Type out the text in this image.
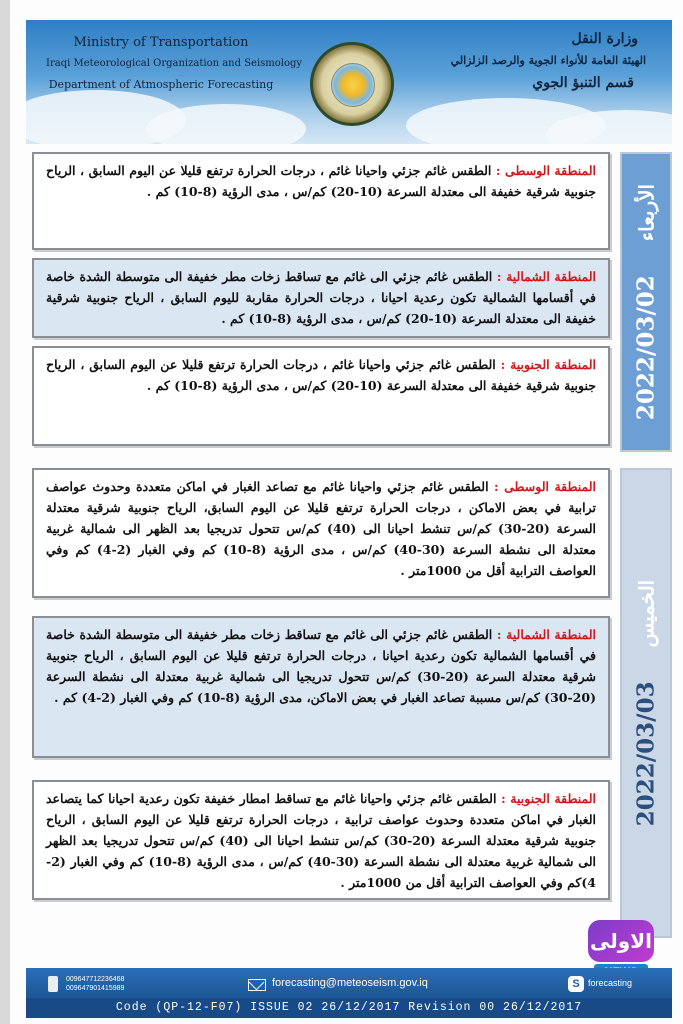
Ministry of Transportation
Iraqi Meteorological Organization and Seismology
Department of Atmospheric Forecasting
وزارة النقل
الهيئة العامة للأنواء الجوية والرصد الزلزالي
قسم التنبؤ الجوي
2022/03/02
الأربعاء
2022/03/03
الخميس
المنطقة الوسطى : الطقس غائم جزئي واحيانا غائم ، درجات الحرارة ترتفع قليلا عن اليوم السابق ، الرياح جنوبية شرقية خفيفة الى معتدلة السرعة (10-20) كم/س ، مدى الرؤية (8-10) كم .
المنطقة الشمالية : الطقس غائم جزئي الى غائم مع تساقط زخات مطر خفيفة الى متوسطة الشدة خاصة في أقسامها الشمالية تكون رعدية احيانا ، درجات الحرارة مقاربة لليوم السابق ، الرياح جنوبية شرقية خفيفة الى معتدلة السرعة (10-20) كم/س ، مدى الرؤية (8-10) كم .
المنطقة الجنوبية : الطقس غائم جزئي واحيانا غائم ، درجات الحرارة ترتفع قليلا عن اليوم السابق ، الرياح جنوبية شرقية خفيفة الى معتدلة السرعة (10-20) كم/س ، مدى الرؤية (8-10) كم .
المنطقة الوسطى : الطقس غائم جزئي واحيانا غائم مع تصاعد الغبار في اماكن متعددة وحدوث عواصف ترابية في بعض الاماكن ، درجات الحرارة ترتفع قليلا عن اليوم السابق، الرياح جنوبية شرقية معتدلة السرعة (20-30) كم/س تنشط احيانا الى (40) كم/س تتحول تدريجيا بعد الظهر الى شمالية غربية معتدلة الى نشطة السرعة (30-40) كم/س ، مدى الرؤية (8-10) كم وفي الغبار (2-4) كم وفي العواصف الترابية أقل من 1000متر .
المنطقة الشمالية : الطقس غائم جزئي الى غائم مع تساقط زخات مطر خفيفة الى متوسطة الشدة خاصة في أقسامها الشمالية تكون رعدية احيانا ، درجات الحرارة ترتفع قليلا عن اليوم السابق ، الرياح جنوبية شرقية معتدلة السرعة (20-30) كم/س تتحول تدريجيا الى شمالية غربية معتدلة الى نشطة السرعة (20-30) كم/س مسببة تصاعد الغبار في بعض الاماكن، مدى الرؤية (8-10) كم وفي الغبار (2-4) كم .
المنطقة الجنوبية : الطقس غائم جزئي واحيانا غائم مع تساقط امطار خفيفة تكون رعدية احيانا كما يتصاعد الغبار في اماكن متعددة وحدوث عواصف ترابية ، درجات الحرارة ترتفع قليلا عن اليوم السابق ، الرياح جنوبية شرقية معتدلة السرعة (20-30) كم/س تنشط احيانا الى (40) كم/س تتحول تدريجيا بعد الظهر الى شمالية غربية معتدلة الى نشطة السرعة (30-40) كم/س ، مدى الرؤية (8-10) كم وفي الغبار (2-4)كم وفي العواصف الترابية أقل من 1000متر .
الاولى
009647712236468
009647901415989	forecasting@meteoseism.gov.iq	S forecasting
Code (QP-12-F07) ISSUE 02 26/12/2017 Revision 00 26/12/2017
